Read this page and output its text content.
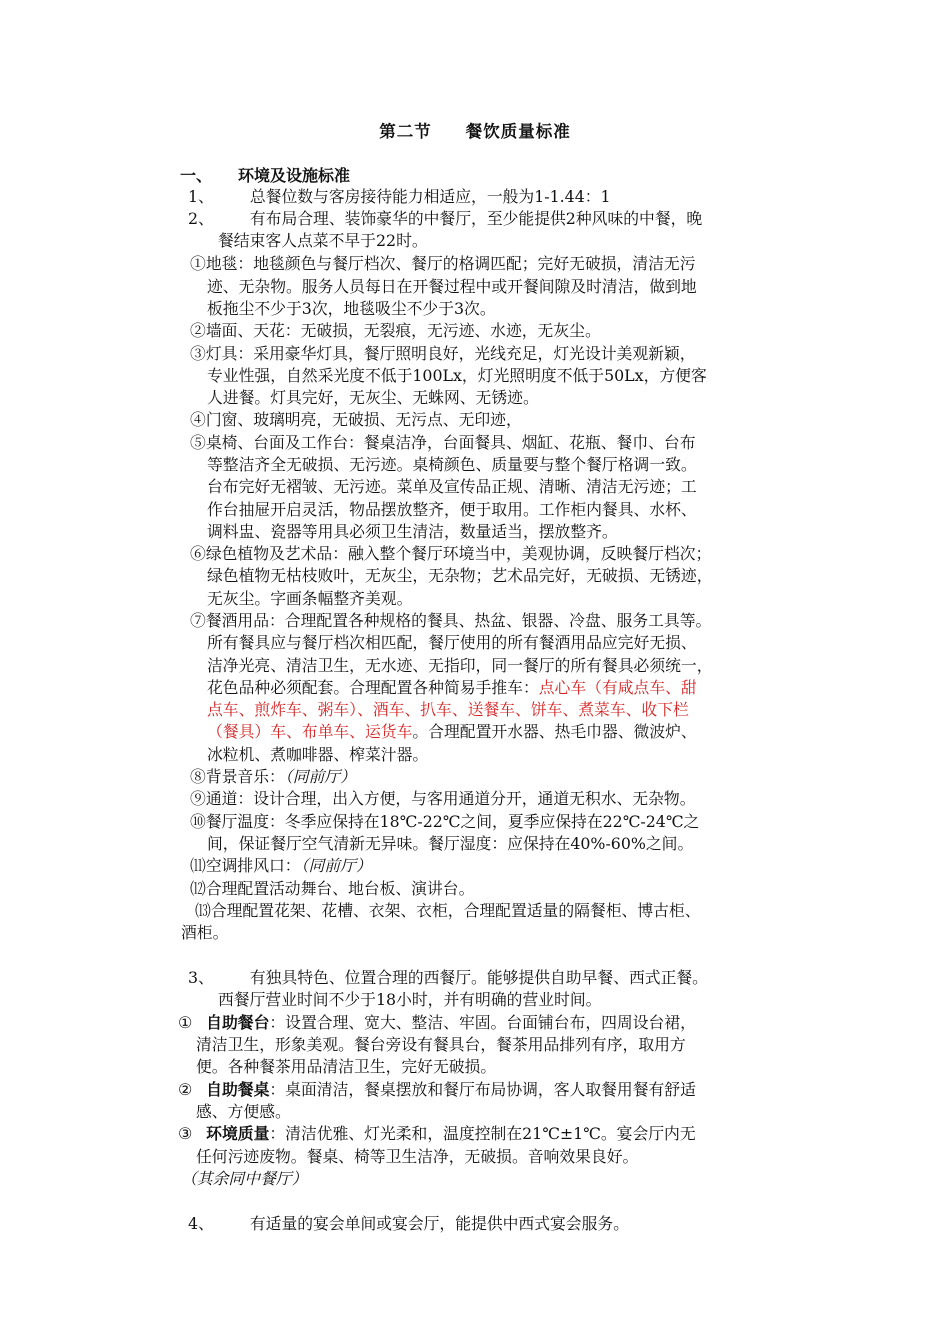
第二节 餐饮质量标准
一、 环境及设施标准
1、 总餐位数与客房接待能力相适应，一般为1-1.44：1
2、 有布局合理、装饰豪华的中餐厅，至少能提供2种风味的中餐，晚
餐结束客人点菜不早于22时。
①地毯：地毯颜色与餐厅档次、餐厅的格调匹配；完好无破损，清洁无污
迹、无杂物。服务人员每日在开餐过程中或开餐间隙及时清洁，做到地
板拖尘不少于3次，地毯吸尘不少于3次。
②墙面、天花：无破损，无裂痕，无污迹、水迹，无灰尘。
③灯具：采用豪华灯具，餐厅照明良好，光线充足，灯光设计美观新颖，
专业性强，自然采光度不低于100Lx，灯光照明度不低于50Lx，方便客
人进餐。灯具完好，无灰尘、无蛛网、无锈迹。
④门窗、玻璃明亮，无破损、无污点、无印迹，
⑤桌椅、台面及工作台：餐桌洁净，台面餐具、烟缸、花瓶、餐巾、台布
等整洁齐全无破损、无污迹。桌椅颜色、质量要与整个餐厅格调一致。
台布完好无褶皱、无污迹。菜单及宣传品正规、清晰、清洁无污迹；工
作台抽屉开启灵活，物品摆放整齐，便于取用。工作柜内餐具、水杯、
调料盅、瓷器等用具必须卫生清洁，数量适当，摆放整齐。
⑥绿色植物及艺术品：融入整个餐厅环境当中，美观协调，反映餐厅档次；
绿色植物无枯枝败叶，无灰尘，无杂物；艺术品完好，无破损、无锈迹，
无灰尘。字画条幅整齐美观。
⑦餐酒用品：合理配置各种规格的餐具、热盆、银器、冷盘、服务工具等。
所有餐具应与餐厅档次相匹配，餐厅使用的所有餐酒用品应完好无损、
洁净光亮、清洁卫生，无水迹、无指印，同一餐厅的所有餐具必须统一，
花色品种必须配套。合理配置各种简易手推车：点心车（有咸点车、甜
点车、煎炸车、粥车）、酒车、扒车、送餐车、饼车、煮菜车、收下栏
（餐具）车、布单车、运货车。合理配置开水器、热毛巾器、微波炉、
冰粒机、煮咖啡器、榨菜汁器。
⑧背景音乐：（同前厅）
⑨通道：设计合理，出入方便，与客用通道分开，通道无积水、无杂物。
⑩餐厅温度：冬季应保持在18℃-22℃之间，夏季应保持在22℃-24℃之
间，保证餐厅空气清新无异味。餐厅湿度：应保持在40%-60%之间。
⑾空调排风口：（同前厅）
⑿合理配置活动舞台、地台板、演讲台。
⒀合理配置花架、花槽、衣架、衣柜，合理配置适量的隔餐柜、博古柜、
酒柜。
3、 有独具特色、位置合理的西餐厅。能够提供自助早餐、西式正餐。
西餐厅营业时间不少于18小时，并有明确的营业时间。
① 自助餐台：设置合理、宽大、整洁、牢固。台面铺台布，四周设台裙，
清洁卫生，形象美观。餐台旁设有餐具台，餐茶用品排列有序，取用方
便。各种餐茶用品清洁卫生，完好无破损。
② 自助餐桌：桌面清洁，餐桌摆放和餐厅布局协调，客人取餐用餐有舒适
感、方便感。
③ 环境质量：清洁优雅、灯光柔和，温度控制在21℃±1℃。宴会厅内无
任何污迹废物。餐桌、椅等卫生洁净，无破损。音响效果良好。
（其余同中餐厅）
4、 有适量的宴会单间或宴会厅，能提供中西式宴会服务。
